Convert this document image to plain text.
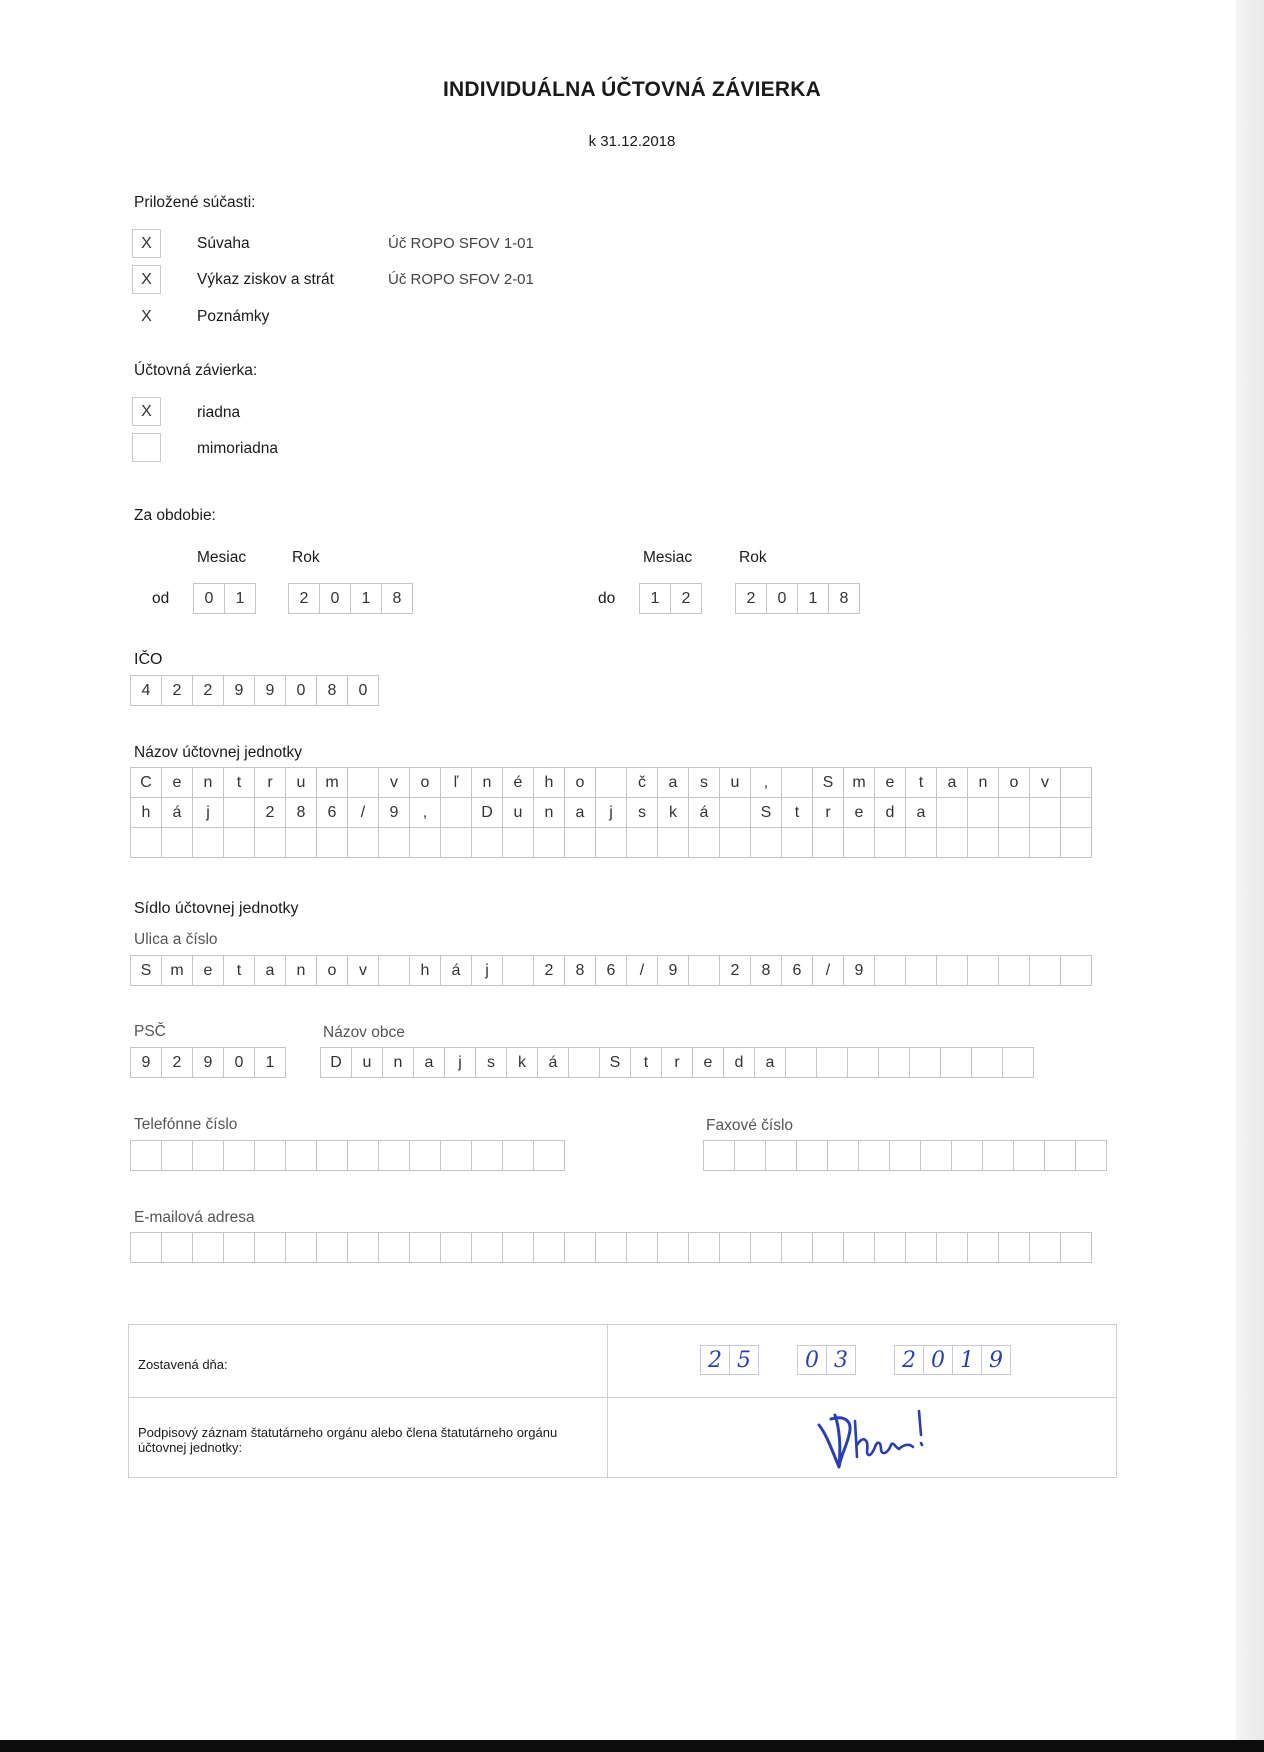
INDIVIDUÁLNA ÚČTOVNÁ ZÁVIERKA
k 31.12.2018
Priložené súčasti:
X	Súvaha	Úč ROPO SFOV 1-01
X	Výkaz ziskov a strát	Úč ROPO SFOV 2-01
X	Poznámky
Účtovná závierka:
X	riadna
mimoriadna
Za obdobie:
Mesiac	Rok	Mesiac	Rok
od	0	1	2	0	1	8	do	1	2	2	0	1	8
IČO
4	2	2	9	9	0	8	0
Názov účtovnej jednotky
C	e	n	t	r	u	m	v	o	ľ	n	é	h	o	č	a	s	u	,	S	m	e	t	a	n	o	v
h	á	j	2	8	6	/	9	,	D	u	n	a	j	s	k	á	S	t	r	e	d	a
Sídlo účtovnej jednotky
Ulica a číslo
S	m	e	t	a	n	o	v	h	á	j	2	8	6	/	9	2	8	6	/	9
PSČ	Názov obce
9	2	9	0	1	D	u	n	a	j	s	k	á	S	t	r	e	d	a
Telefónne číslo	Faxové číslo
E-mailová adresa
Zostavená dňa:	2 5	0 3	2 0 1 9
Podpisový záznam štatutárneho orgánu alebo člena štatutárneho orgánu účtovnej jednotky:
